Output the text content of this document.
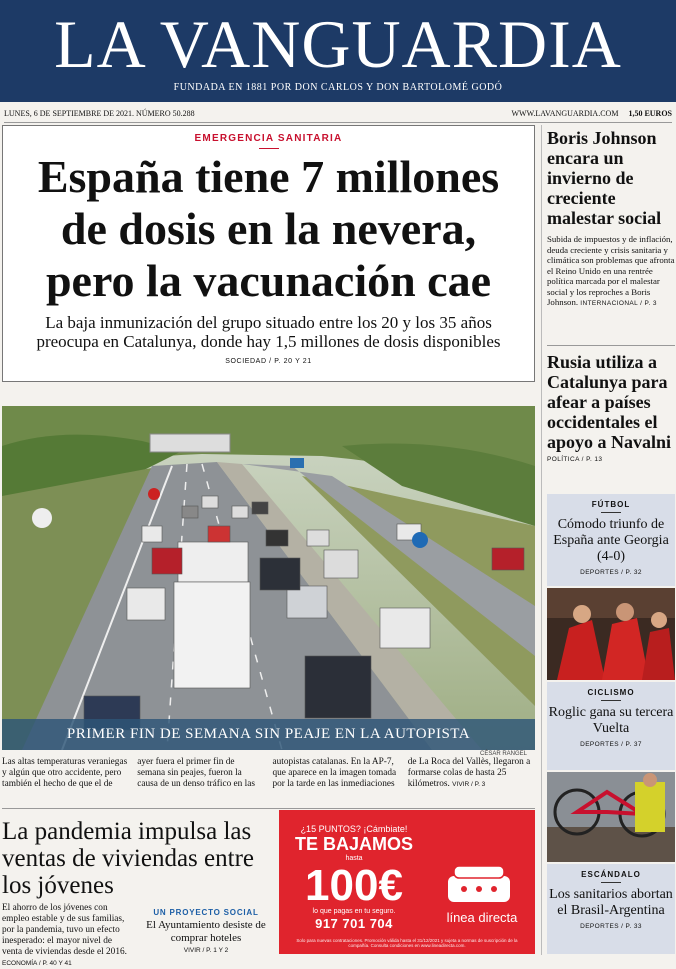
LA VANGUARDIA
FUNDADA EN 1881 POR DON CARLOS Y DON BARTOLOMÉ GODÓ
LUNES, 6 DE SEPTIEMBRE DE 2021. NÚMERO 50.288	WWW.LAVANGUARDIA.COM 1,50 EUROS
EMERGENCIA SANITARIA
España tiene 7 millones
de dosis en la nevera,
pero la vacunación cae
La baja inmunización del grupo situado entre los 20 y los 35 años
preocupa en Catalunya, donde hay 1,5 millones de dosis disponibles
SOCIEDAD / P. 20 Y 21
PRIMER FIN DE SEMANA SIN PEAJE EN LA AUTOPISTA
CÉSAR RANGEL
Las altas temperaturas veraniegas y algún que otro accidente, pero también el hecho de que el de ayer fuera el primer fin de semana sin peajes, fueron la causa de un denso tráfico en las autopistas catalanas. En la AP-7, que aparece en la imagen tomada por la tarde en las inmediaciones de La Roca del Vallès, llegaron a formarse colas de hasta 25 kilómetros. VIVIR / P. 3
La pandemia impulsa las ventas de viviendas entre los jóvenes
El ahorro de los jóvenes con empleo estable y de sus familias, por la pandemia, tuvo un efecto inesperado: el mayor nivel de venta de viviendas desde el 2016. ECONOMÍA / P. 40 Y 41
UN PROYECTO SOCIAL
El Ayuntamiento desiste de comprar hoteles
VIVIR / P. 1 Y 2
¿15 PUNTOS? ¡Cámbiate!
TE BAJAMOS
hasta
100€
lo que pagas en tu seguro.
917 701 704	línea directa
Solo para nuevas contrataciones. Promoción válida hasta el 31/12/2021 y sujeta a normas de suscripción de la compañía. Consulta condiciones en www.lineadirecta.com.
Boris Johnson encara un invierno de creciente malestar social
Subida de impuestos y de inflación, deuda creciente y crisis sanitaria y climática son problemas que afronta el Reino Unido en una rentrée política marcada por el malestar social y los reproches a Boris Johnson. INTERNACIONAL / P. 3
Rusia utiliza a Catalunya para afear a países occidentales el apoyo a Navalni
POLÍTICA / P. 13
FÚTBOL
Cómodo triunfo de España ante Georgia (4-0)
DEPORTES / P. 32
CICLISMO
Roglic gana su tercera Vuelta
DEPORTES / P. 37
ESCÁNDALO
Los sanitarios abortan el Brasil-Argentina
DEPORTES / P. 33
